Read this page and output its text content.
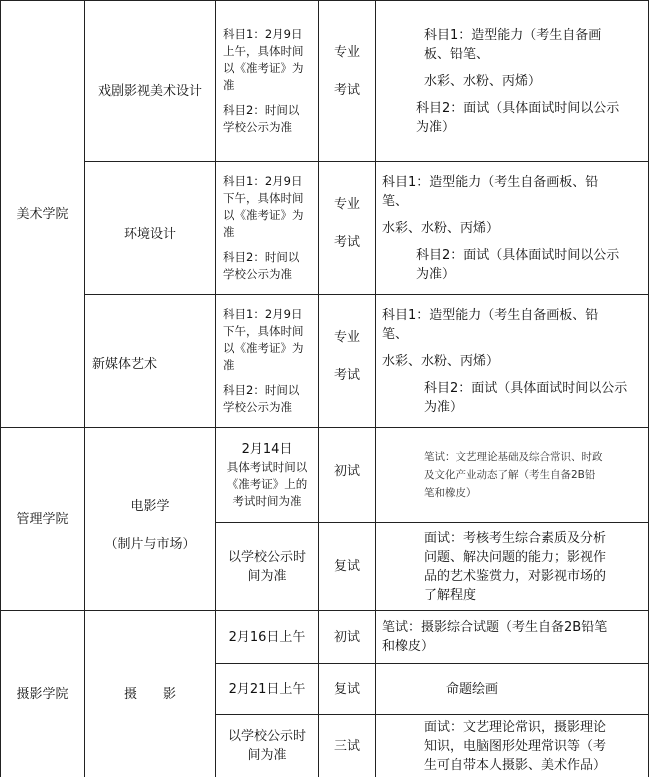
美术学院

管理学院

摄影学院

戏剧影视美术设计

环境设计

新媒体艺术

电影学

（制片与市场）

摄　　影

科目1：2月9日
上午，具体时间
以《准考证》为
准

科目2：时间以
学校公示为准

科目1：2月9日
下午，具体时间
以《准考证》为
准

科目2：时间以
学校公示为准

科目1：2月9日
下午，具体时间
以《准考证》为
准

科目2：时间以
学校公示为准

2月14日

具体考试时间以
《准考证》上的
考试时间为准

以学校公示时
间为准

2月16日上午

2月21日上午

以学校公示时
间为准

专业

考试

专业

考试

专业

考试

初试

复试

初试

复试

三试

科目1：造型能力（考生自备画
板、铅笔、

水彩、水粉、丙烯）

科目2：面试（具体面试时间以公示
为准）

科目1：造型能力（考生自备画板、铅
笔、

水彩、水粉、丙烯）

科目2：面试（具体面试时间以公示
为准）

科目1：造型能力（考生自备画板、铅
笔、

水彩、水粉、丙烯）

科目2：面试（具体面试时间以公示
为准）

笔试：文艺理论基础及综合常识、时政
及文化产业动态了解（考生自备2B铅
笔和橡皮）

面试：考核考生综合素质及分析
问题、解决问题的能力；影视作
品的艺术鉴赏力，对影视市场的
了解程度

笔试：摄影综合试题（考生自备2B铅笔
和橡皮）

命题绘画

面试：文艺理论常识，摄影理论
知识，电脑图形处理常识等（考
生可自带本人摄影、美术作品）
